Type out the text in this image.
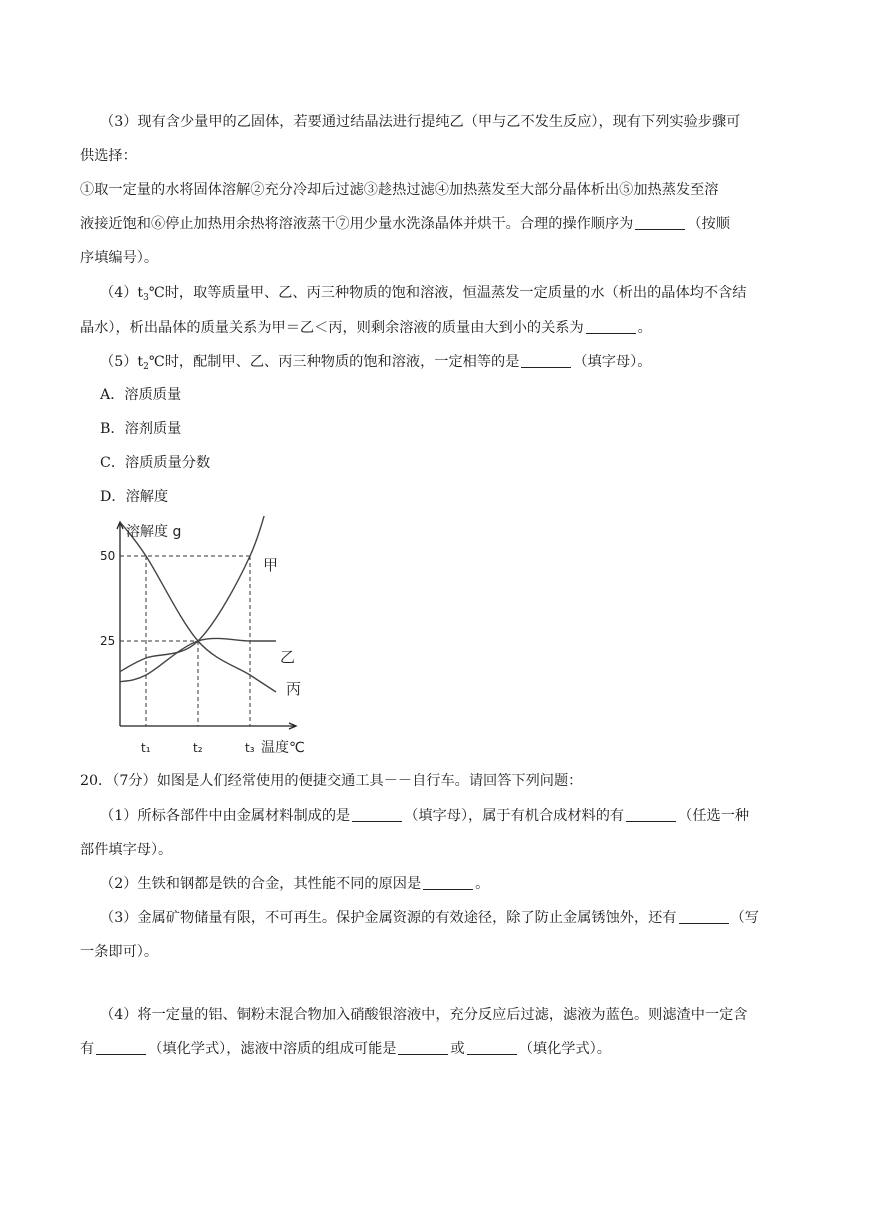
（3）现有含少量甲的乙固体，若要通过结晶法进行提纯乙（甲与乙不发生反应），现有下列实验步骤可
供选择：
①取一定量的水将固体溶解②充分冷却后过滤③趁热过滤④加热蒸发至大部分晶体析出⑤加热蒸发至溶
液接近饱和⑥停止加热用余热将溶液蒸干⑦用少量水洗涤晶体并烘干。合理的操作顺序为	（按顺
序填编号）。
$(4)t_3℃$时，取等质量甲、乙、丙三种物质的饱和溶液，恒温蒸发一定质量的水（析出的晶体均不含结
晶水），析出晶体的质量关系为甲＝乙＜丙，则剩余溶液的质量由大到小的关系为	。
$(5)t_2℃$时，配制甲、乙、丙三种物质的饱和溶液，一定相等的是	（填字母）。
A．溶质质量
B．溶剂质量
C．溶质质量分数
D．溶解度
50
25
t₁	t₂	t₃
溶解度 g
温度℃
甲
乙
丙
20．（7分）如图是人们经常使用的便捷交通工具－－自行车。请回答下列问题：
（1）所标各部件中由金属材料制成的是	（填字母），属于有机合成材料的有	（任选一种
部件填字母）。
（2）生铁和钢都是铁的合金，其性能不同的原因是	。
（3）金属矿物储量有限，不可再生。保护金属资源的有效途径，除了防止金属锈蚀外，还有	（写
一条即可）。
（4）将一定量的铝、铜粉末混合物加入硝酸银溶液中，充分反应后过滤，滤液为蓝色。则滤渣中一定含
有	（填化学式），滤液中溶质的组成可能是	或	（填化学式）。
